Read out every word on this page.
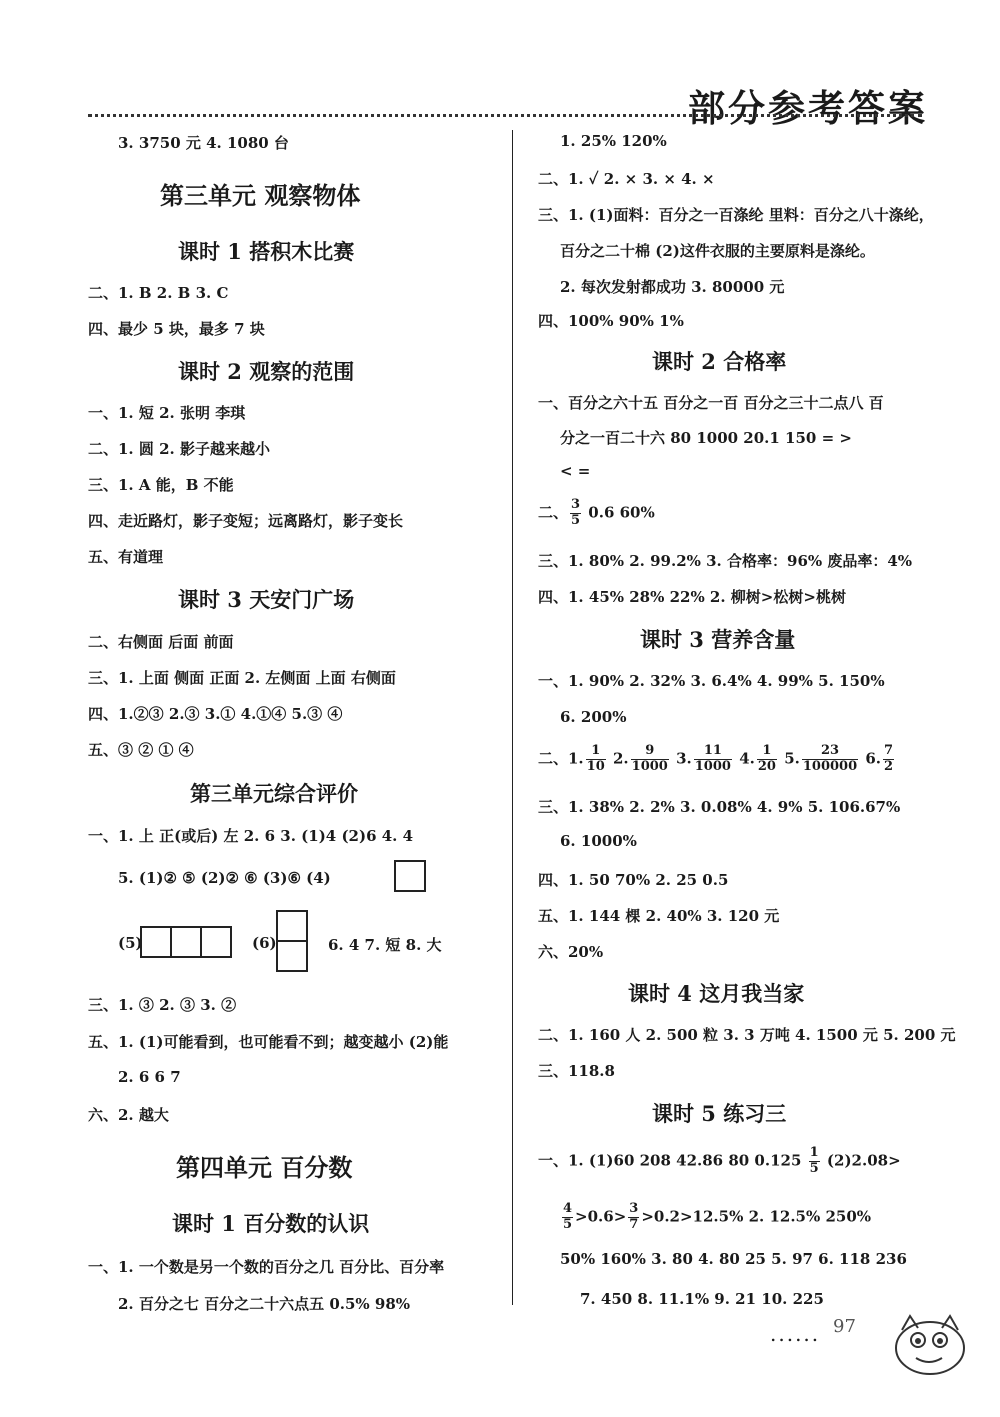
部分参考答案
3. 3750 元 4. 1080 台
第三单元 观察物体
课时 1 搭积木比赛
二、1. B 2. B 3. C
四、最少 5 块，最多 7 块
课时 2 观察的范围
一、1. 短 2. 张明 李琪
二、1. 圆 2. 影子越来越小
三、1. A 能，B 不能
四、走近路灯，影子变短；远离路灯，影子变长
五、有道理
课时 3 天安门广场
二、右侧面 后面 前面
三、1. 上面 侧面 正面 2. 左侧面 上面 右侧面
四、1.②③ 2.③ 3.① 4.①④ 5.③ ④
五、③ ② ① ④
第三单元综合评价
一、1. 上 正(或后) 左 2. 6 3. (1)4 (2)6 4. 4
5. (1)② ⑤ (2)② ⑥ (3)⑥ (4)
(5)	(6)	6. 4 7. 短 8. 大
三、1. ③ 2. ③ 3. ②
五、1. (1)可能看到，也可能看不到；越变越小 (2)能
2. 6 6 7
六、2. 越大
第四单元 百分数
课时 1 百分数的认识
一、1. 一个数是另一个数的百分之几 百分比、百分率
2. 百分之七 百分之二十六点五 0.5% 98%
1. 25% 120%
二、1. ✓ 2. × 3. × 4. ×
三、1. (1)面料：百分之一百涤纶 里料：百分之八十涤纶，
百分之二十棉 (2)这件衣服的主要原料是涤纶。
2. 每次发射都成功 3. 80000 元
四、100% 90% 1%
课时 2 合格率
一、百分之六十五 百分之一百 百分之三十二点八 百
分之一百二十六 80 1000 20.1 150 = >
< =
二、 $\frac{3}{5} 0.6$ 60%
三、1. 80% 2. 99.2% 3. 合格率：96% 废品率：4%
四、1. 45% 28% 22% 2. 柳树>松树>桃树
课时 3 营养含量
一、1. 90% 2. 32% 3. 6.4% 4. 99% 5. 150%
6. 200%
二、1. $\frac{1}{10} 2$. $\frac{9}{1000} 3$. $\frac{11}{1000} 4$. $\frac{1}{20} 5$. $\frac{23}{100000} 6$. $\frac{7}{2}$
三、1. 38% 2. 2% 3. 0.08% 4. 9% 5. 106.67%
6. 1000%
四、1. 50 70% 2. 25 0.5
五、1. 144 棵 2. 40% 3. 120 元
六、20%
课时 4 这月我当家
二、1. 160 人 2. 500 粒 3. 3 万吨 4. 1500 元 5. 200 元
三、118.8
课时 5 练习三
一、1. (1)60 208 42.86 80 $0.125 \frac{1}{5} (2)2.08>$
$\frac{4}{5} >0.6> \frac{3}{7} >0.2>12.5\%$ 2. 12.5% 250%
50% 160% 3. 80 4. 80 25 5. 97 6. 118 236
7. 450 8. 11.1% 9. 21 10. 225
...... 97
